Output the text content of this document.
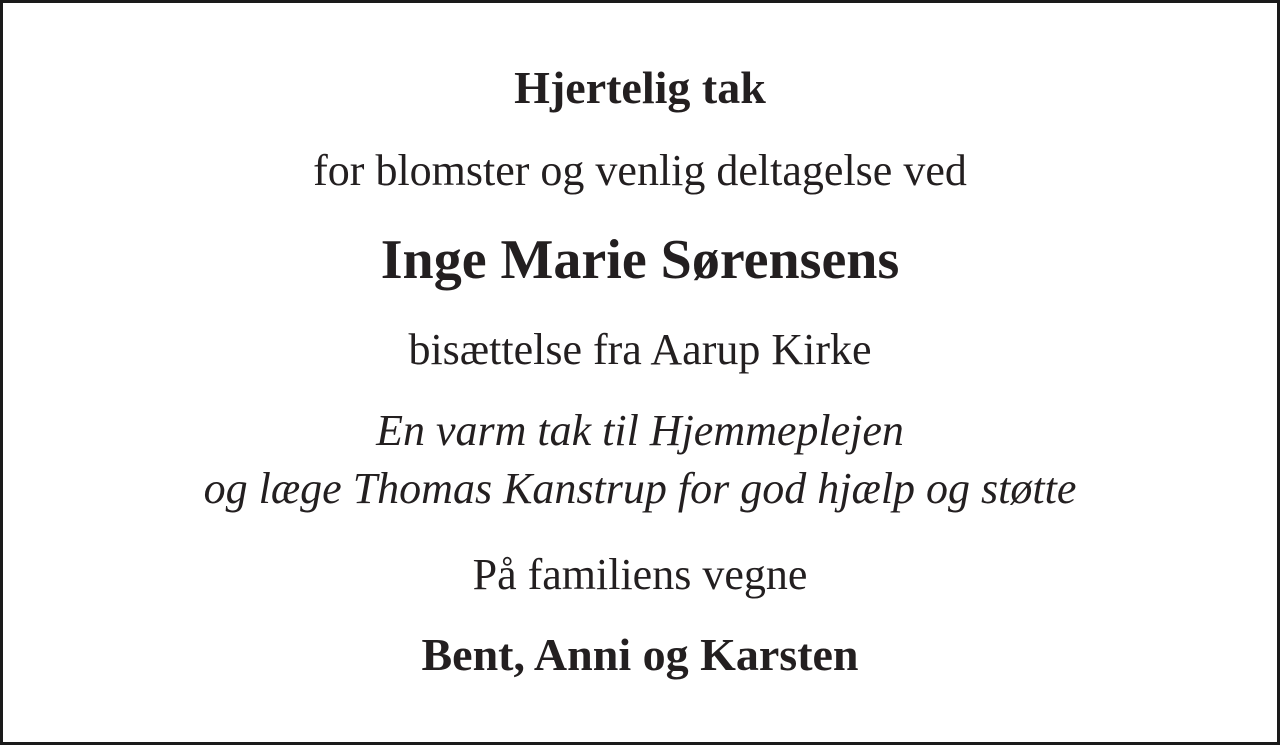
Hjertelig tak
for blomster og venlig deltagelse ved
Inge Marie Sørensens
bisættelse fra Aarup Kirke
En varm tak til Hjemmeplejen
og læge Thomas Kanstrup for god hjælp og støtte
På familiens vegne
Bent, Anni og Karsten
